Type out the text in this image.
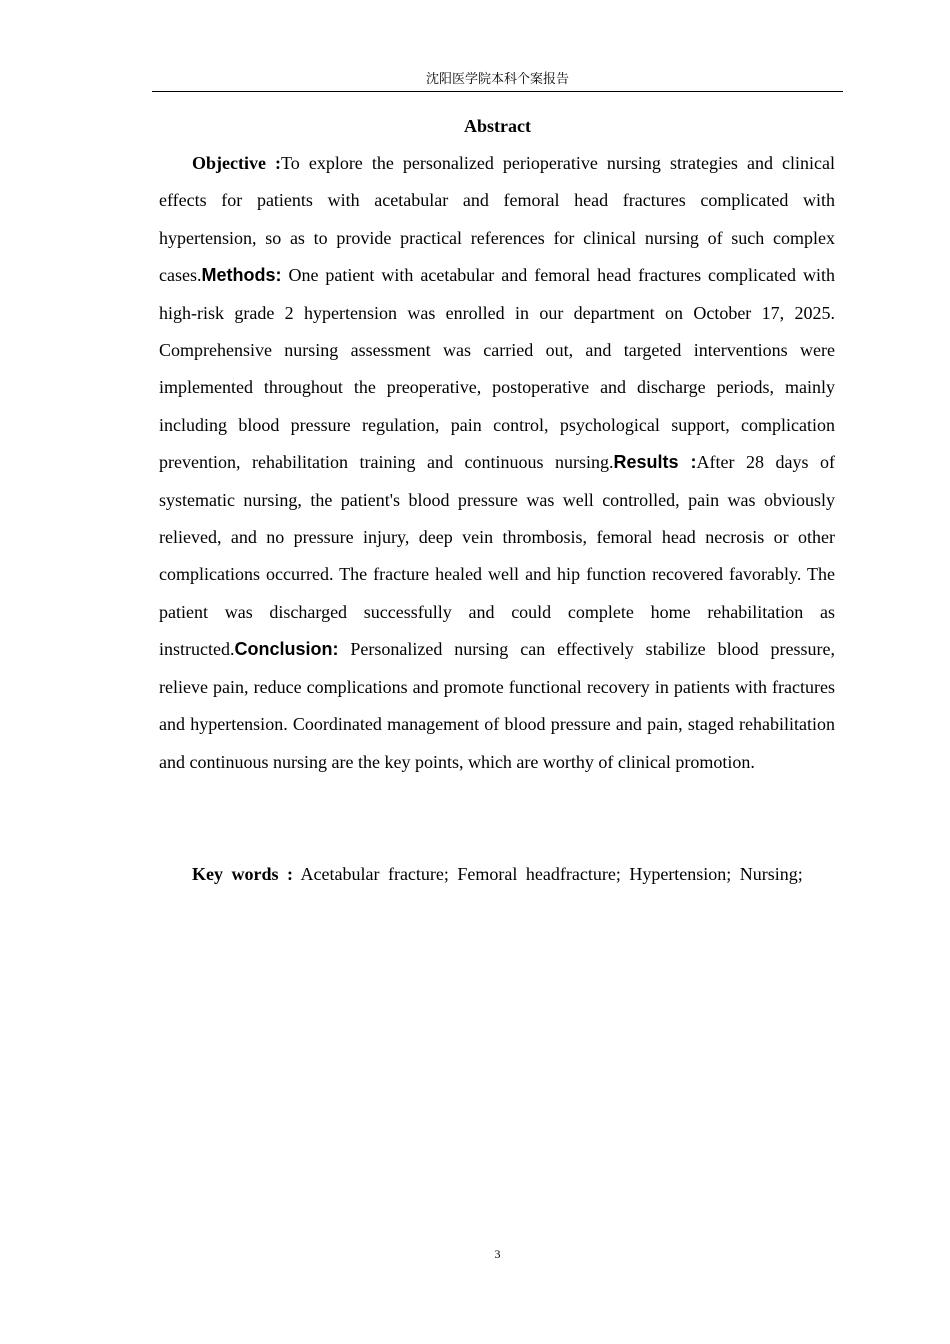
沈阳医学院本科个案报告
Abstract

Objective :To explore the personalized perioperative nursing strategies and clinical effects for patients with acetabular and femoral head fractures complicated with hypertension, so as to provide practical references for clinical nursing of such complex cases.Methods: One patient with acetabular and femoral head fractures complicated with high-risk grade 2 hypertension was enrolled in our department on October 17, 2025. Comprehensive nursing assessment was carried out, and targeted interventions were implemented throughout the preoperative, postoperative and discharge periods, mainly including blood pressure regulation, pain control, psychological support, complication prevention, rehabilitation training and continuous nursing.Results :After 28 days of systematic nursing, the patient's blood pressure was well controlled, pain was obviously relieved, and no pressure injury, deep vein thrombosis, femoral head necrosis or other complications occurred. The fracture healed well and hip function recovered favorably. The patient was discharged successfully and could complete home rehabilitation as instructed.Conclusion: Personalized nursing can effectively stabilize blood pressure, relieve pain, reduce complications and promote functional recovery in patients with fractures and hypertension. Coordinated management of blood pressure and pain, staged rehabilitation and continuous nursing are the key points, which are worthy of clinical promotion.

Key words : Acetabular fracture; Femoral headfracture; Hypertension; Nursing;

3
